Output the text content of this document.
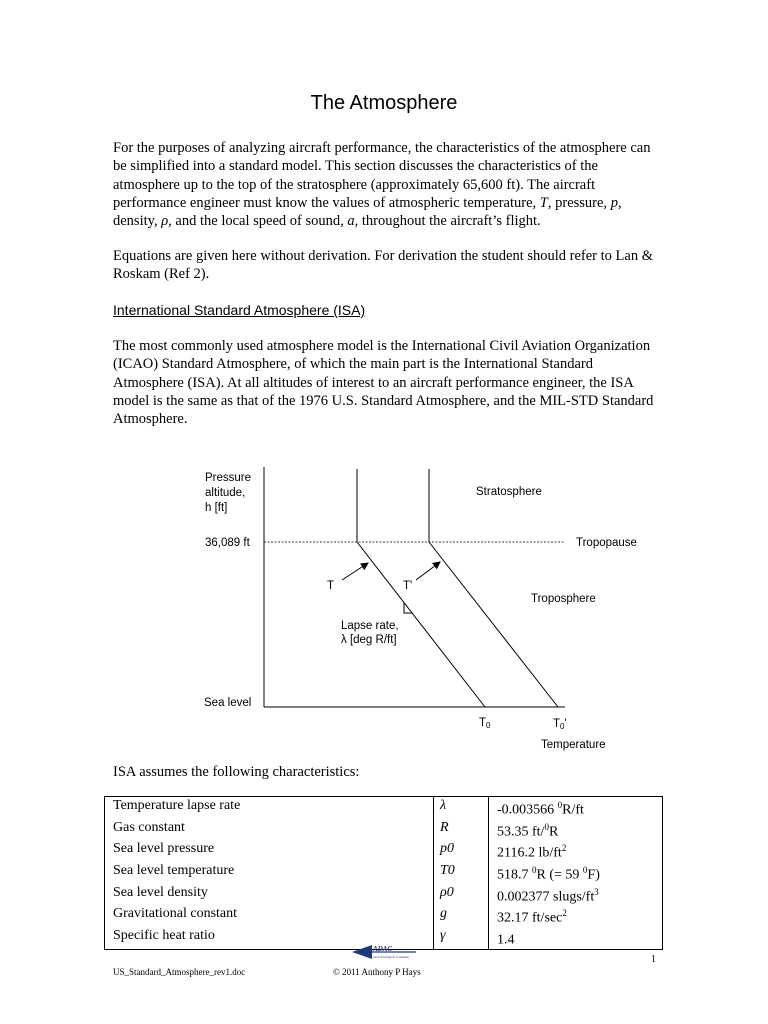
The Atmosphere
For the purposes of analyzing aircraft performance, the characteristics of the atmosphere can be simplified into a standard model. This section discusses the characteristics of the atmosphere up to the top of the stratosphere (approximately 65,600 ft). The aircraft performance engineer must know the values of atmospheric temperature, T, pressure, p, density, ρ, and the local speed of sound, a, throughout the aircraft’s flight.
Equations are given here without derivation. For derivation the student should refer to Lan & Roskam (Ref 2).
International Standard Atmosphere (ISA)
The most commonly used atmosphere model is the International Civil Aviation Organization (ICAO) Standard Atmosphere, of which the main part is the International Standard Atmosphere (ISA). At all altitudes of interest to an aircraft performance engineer, the ISA model is the same as that of the 1976 U.S. Standard Atmosphere, and the MIL-STD Standard Atmosphere.
Pressure
altitude,
h [ft]
36,089 ft	Tropopause
Stratosphere
Troposphere
Sea level
T	T'
Lapse rate,
λ [deg R/ft]
T0	T0'
Temperature
ISA assumes the following characteristics:
Temperature lapse rate	λ	-0.003566 $^0$R/ft
Gas constant	R	53.35 ft/$^0$R
Sea level pressure	p0	2116.2 $lb/ft^2$
Sea level temperature	T0	518.7 $^0$R (= 59 $^0$F)
Sea level density	ρ0	0.002377 slugs/$ft^3$
Gravitational constant	g	32.17 $ft/\sec^2$
Specific heat ratio	γ	1.4
US_Standard_Atmosphere_rev1.doc	© 2011 Anthony P Hays
1
ADAC
Aircraft Design & Consulting
